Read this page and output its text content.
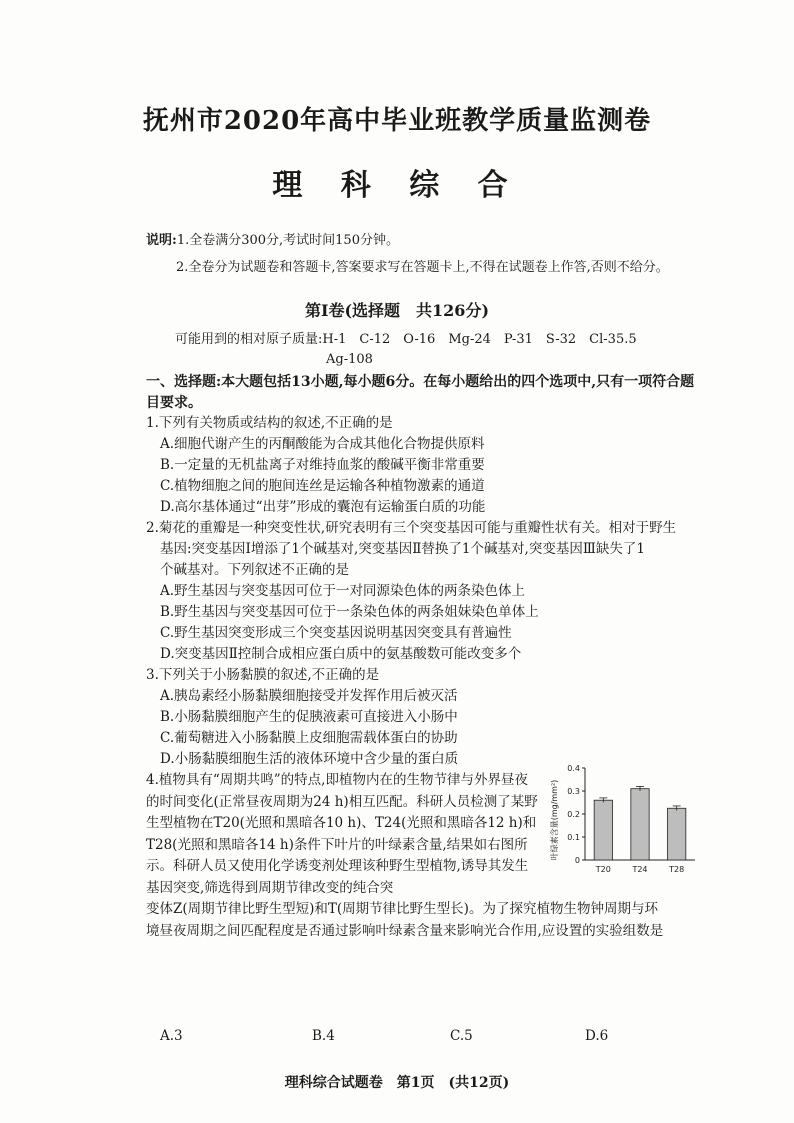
抚州市2020年高中毕业班教学质量监测卷
理 科 综 合
说明:1.全卷满分300分,考试时间150分钟。
2.全卷分为试题卷和答题卡,答案要求写在答题卡上,不得在试题卷上作答,否则不给分。
第Ⅰ卷(选择题　共126分)
可能用到的相对原子质量:H-1　C-12　O-16　Mg-24　P-31　S-32　Cl-35.5
Ag-108
一、选择题:本大题包括13小题,每小题6分。在每小题给出的四个选项中,只有一项符合题目要求。
1.下列有关物质或结构的叙述,不正确的是
A.细胞代谢产生的丙酮酸能为合成其他化合物提供原料
B.一定量的无机盐离子对维持血浆的酸碱平衡非常重要
C.植物细胞之间的胞间连丝是运输各种植物激素的通道
D.高尔基体通过“出芽”形成的囊泡有运输蛋白质的功能
2.菊花的重瓣是一种突变性状,研究表明有三个突变基因可能与重瓣性状有关。相对于野生
基因:突变基因Ⅰ增添了1个碱基对,突变基因Ⅱ替换了1个碱基对,突变基因Ⅲ缺失了1
个碱基对。下列叙述不正确的是
A.野生基因与突变基因可位于一对同源染色体的两条染色体上
B.野生基因与突变基因可位于一条染色体的两条姐妹染色单体上
C.野生基因突变形成三个突变基因说明基因突变具有普遍性
D.突变基因Ⅱ控制合成相应蛋白质中的氨基酸数可能改变多个
3.下列关于小肠黏膜的叙述,不正确的是
A.胰岛素经小肠黏膜细胞接受并发挥作用后被灭活
B.小肠黏膜细胞产生的促胰液素可直接进入小肠中
C.葡萄糖进入小肠黏膜上皮细胞需载体蛋白的协助
D.小肠黏膜细胞生活的液体环境中含少量的蛋白质
4.植物具有“周期共鸣”的特点,即植物内在的生物节律与外界昼夜的时间变化(正常昼夜周期为24 h)相互匹配。科研人员检测了某野生型植物在T20(光照和黑暗各10 h)、T24(光照和黑暗各12 h)和T28(光照和黑暗各14 h)条件下叶片的叶绿素含量,结果如右图所示。科研人员又使用化学诱变剂处理该种野生型植物,诱导其发生基因突变,筛选得到周期节律改变的纯合突
变体Z(周期节律比野生型短)和T(周期节律比野生型长)。为了探究植物生物钟周期与环
境昼夜周期之间匹配程度是否通过影响叶绿素含量来影响光合作用,应设置的实验组数是
A.3	B.4	C.5	D.6
叶绿素含量(mg/mm²)
0
0.1
0.2
0.3
0.4
T20	T24	T28
理科综合试题卷　第1页　(共12页)
